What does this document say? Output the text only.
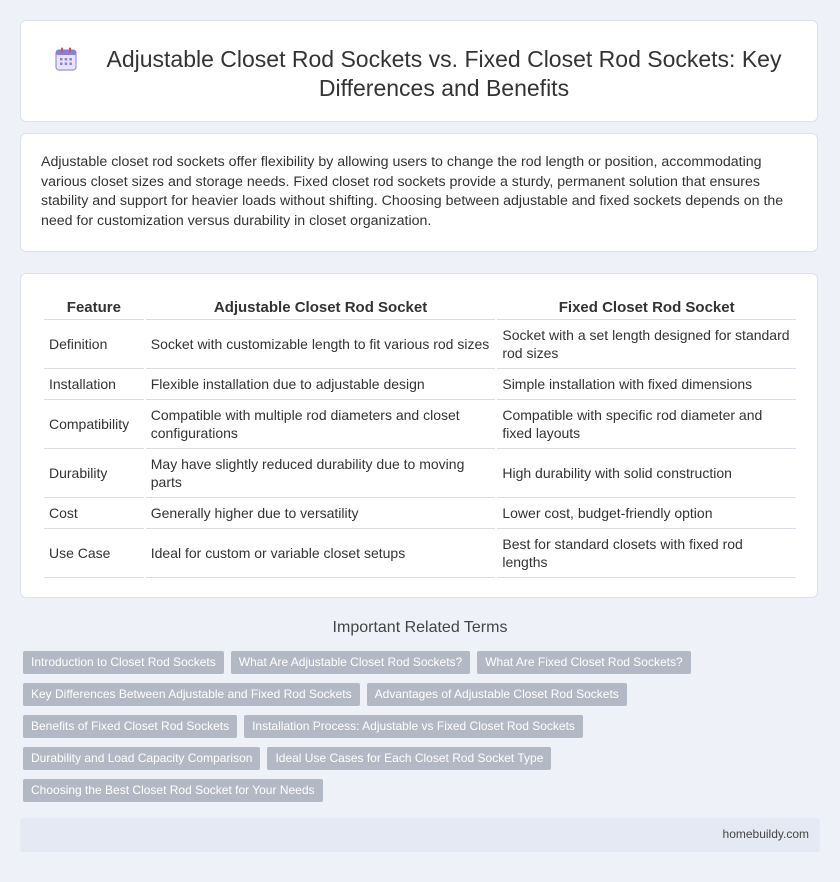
Adjustable Closet Rod Sockets vs. Fixed Closet Rod Sockets: Key Differences and Benefits

Adjustable closet rod sockets offer flexibility by allowing users to change the rod length or position, accommodating various closet sizes and storage needs. Fixed closet rod sockets provide a sturdy, permanent solution that ensures stability and support for heavier loads without shifting. Choosing between adjustable and fixed sockets depends on the need for customization versus durability in closet organization.

Feature	Adjustable Closet Rod Socket	Fixed Closet Rod Socket
Definition	Socket with customizable length to fit various rod sizes	Socket with a set length designed for standard rod sizes
Installation	Flexible installation due to adjustable design	Simple installation with fixed dimensions
Compatibility	Compatible with multiple rod diameters and closet configurations	Compatible with specific rod diameter and fixed layouts
Durability	May have slightly reduced durability due to moving parts	High durability with solid construction
Cost	Generally higher due to versatility	Lower cost, budget-friendly option
Use Case	Ideal for custom or variable closet setups	Best for standard closets with fixed rod lengths
Important Related Terms
Introduction to Closet Rod Sockets	What Are Adjustable Closet Rod Sockets?	What Are Fixed Closet Rod Sockets?
Key Differences Between Adjustable and Fixed Rod Sockets	Advantages of Adjustable Closet Rod Sockets
Benefits of Fixed Closet Rod Sockets	Installation Process: Adjustable vs Fixed Closet Rod Sockets
Durability and Load Capacity Comparison	Ideal Use Cases for Each Closet Rod Socket Type
Choosing the Best Closet Rod Socket for Your Needs
homebuildy.com
